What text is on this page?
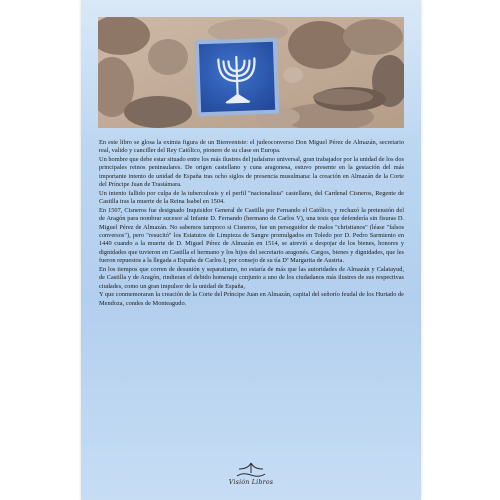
En este libro se glosa la eximia figura de un Bienveniste: el judeoconverso Don Miguel Pérez de Almazán, secretario real, valido y canciller del Rey Católico, pionero de su clase en Europa.

Un hombre que debe estar situado entre los más ilustres del judaísmo universal, gran trabajador por la unidad de los dos principales reinos peninsulares. De origen castellano y cuna aragonesa, estuvo presente en la gestación del más importante intento de unidad de España tras ocho siglos de presencia musulmana: la creación en Almazán de la Corte del Príncipe Juan de Trastámara.

Un intento fallido por culpa de la tuberculosis y el perfil "nacionalista" castellano, del Cardenal Cisneros, Regente de Castilla tras la muerte de la Reina Isabel en 1504.

En 1507, Cisneros fue designado Inquisidor General de Castilla por Fernando el Católico, y rechazó la pretensión del de Aragón para nombrar sucesor al Infante D. Fernando (hermano de Carlos V), una tesis que defendería sin fisuras D. Miguel Pérez de Almazán. No sabemos tampoco si Cisneros, fue un perseguidor de malos "christianos" (léase "falsos conversos"), pero "resucitó" los Estatutos de Limpieza de Sangre promulgados en Toledo por D. Pedro Sarmiento en 1449 cuando a la muerte de D. Miguel Pérez de Almazán en 1514, se atrevió a despojar de los bienes, honores y dignidades que tuvieron en Castilla el hermano y los hijos del secretario aragonés. Cargos, bienes y dignidades, que les fueron repuestos a la llegada a España de Carlos I, por consejo de su tía Dª Margarita de Austria.

En los tiempos que corren de desunión y separatismo, no estaría de más que las autoridades de Almazán y Calatayud, de Castilla y de Aragón, rindieran el debido homenaje conjunto a uno de los ciudadanos más ilustres de sus respectivas ciudades, como un gran impulsor de la unidad de España,

Y que conmemoraran la creación de la Corte del Príncipe Juan en Almazán, capital del señorío feudal de los Hurtado de Mendoza, condes de Monteagudo.

Visión Libros
